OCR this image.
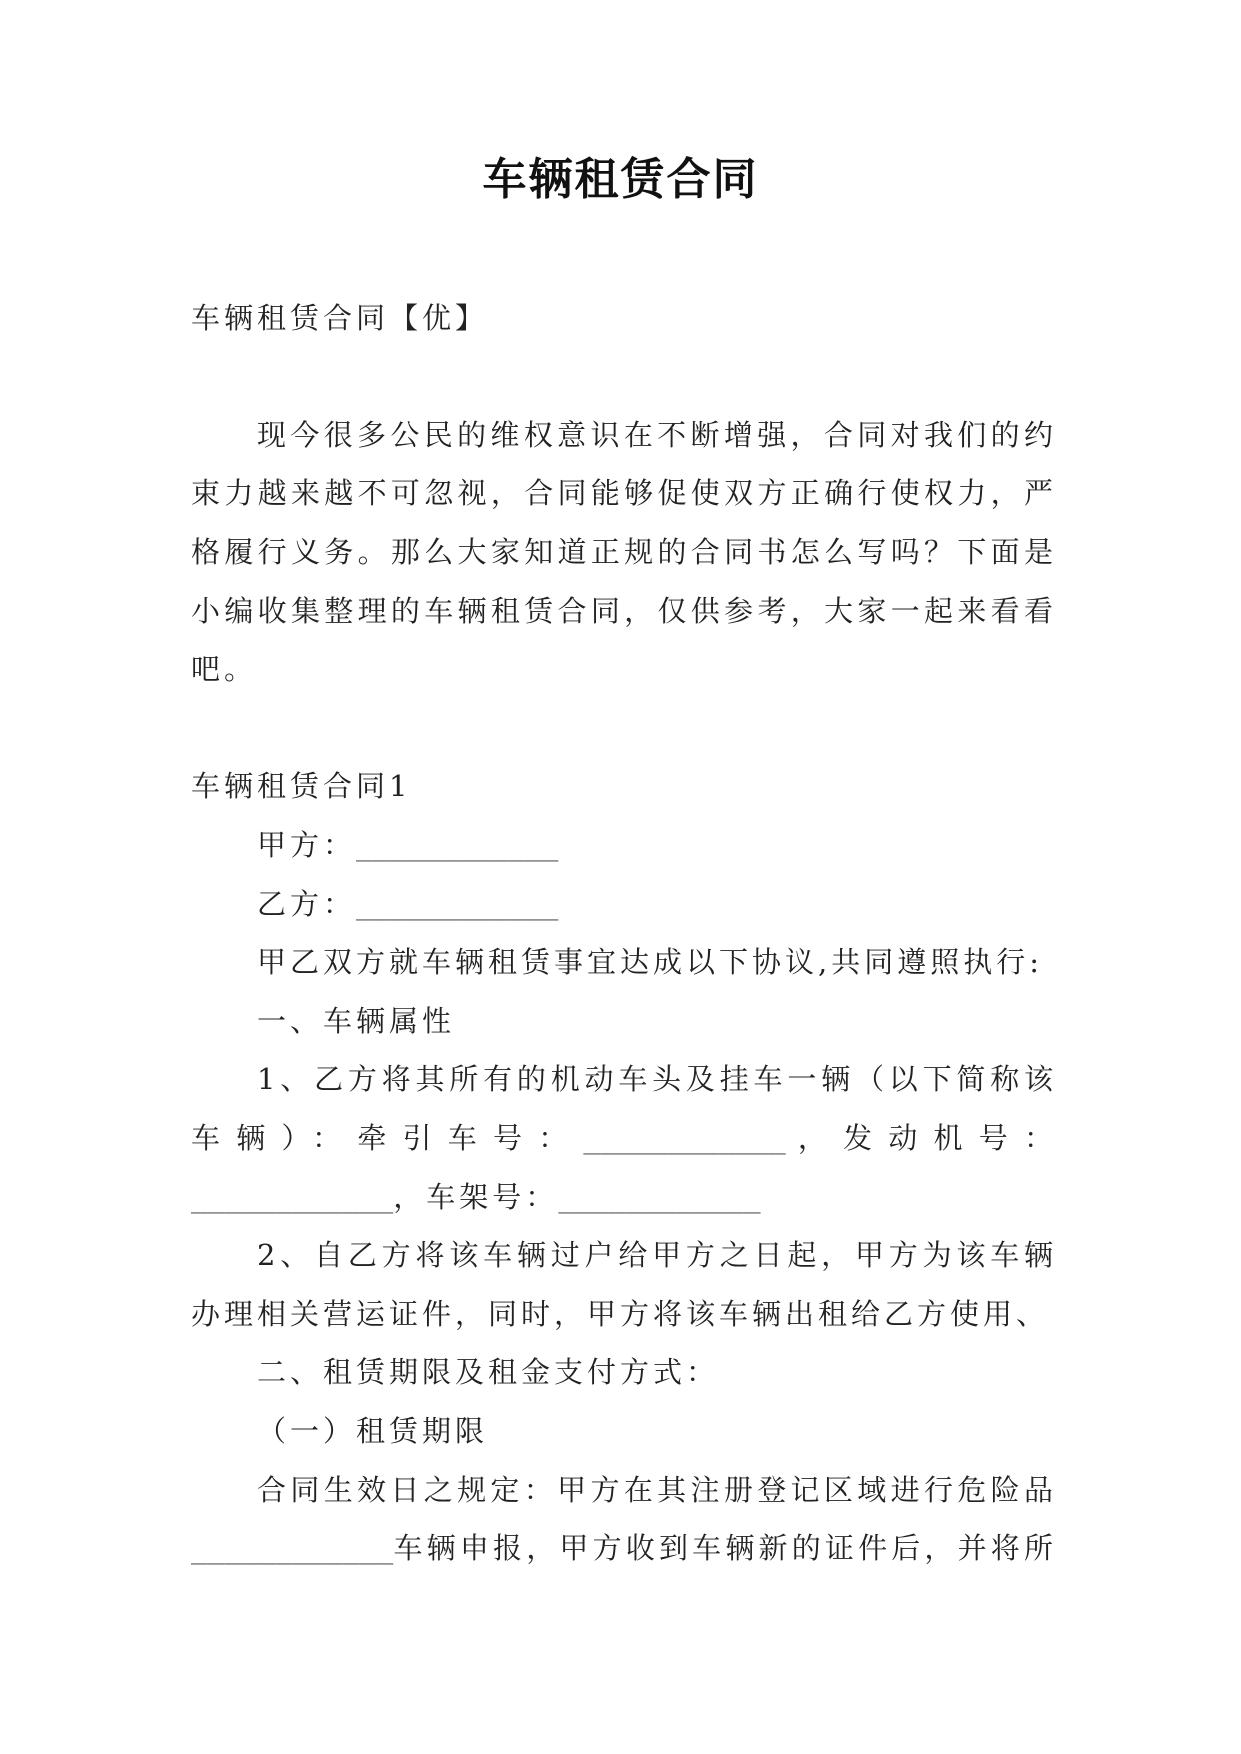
车辆租赁合同
车辆租赁合同【优】
现今很多公民的维权意识在不断增强，合同对我们的约
束力越来越不可忽视，合同能够促使双方正确行使权力，严
格履行义务。那么大家知道正规的合同书怎么写吗？下面是
小编收集整理的车辆租赁合同，仅供参考，大家一起来看看
吧。
车辆租赁合同1
甲方：____________
乙方：____________
甲乙双方就车辆租赁事宜达成以下协议,共同遵照执行:
一、车辆属性
1、乙方将其所有的机动车头及挂车一辆（以下简称该
车辆）：牵引车号：____________，发动机号：
____________，车架号：____________
2、自乙方将该车辆过户给甲方之日起，甲方为该车辆
办理相关营运证件，同时，甲方将该车辆出租给乙方使用、
二、租赁期限及租金支付方式：
（一）租赁期限
合同生效日之规定：甲方在其注册登记区域进行危险品
____________车辆申报，甲方收到车辆新的证件后，并将所
